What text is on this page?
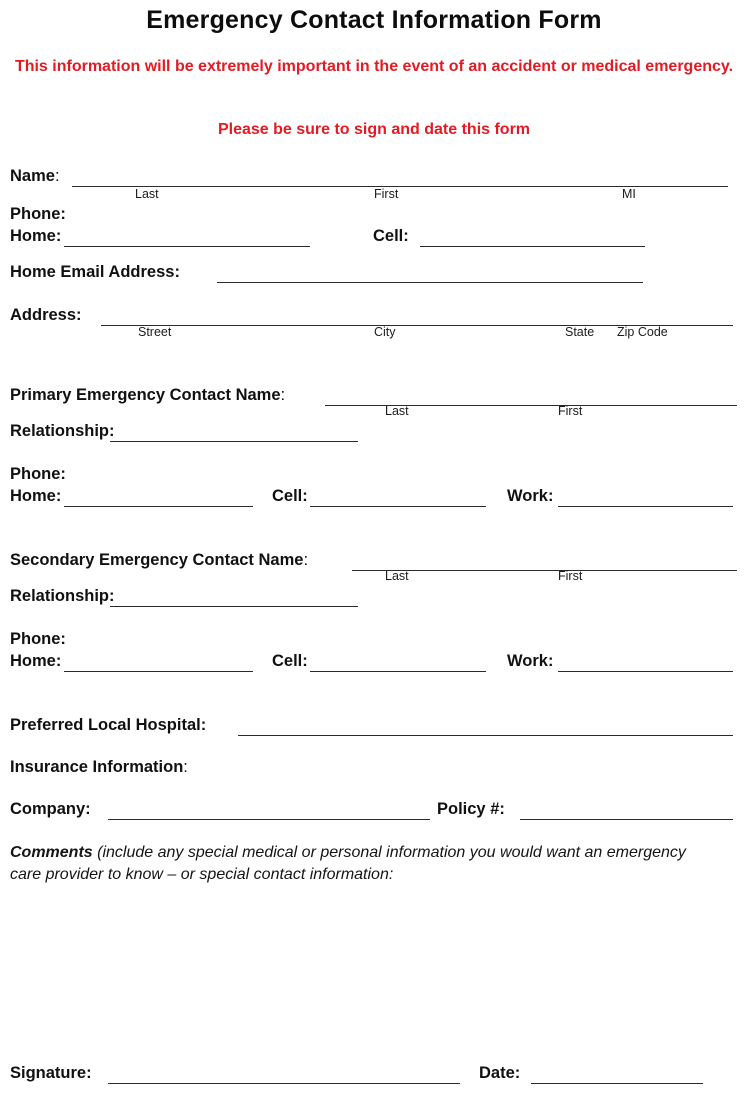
Emergency Contact Information Form
This information will be extremely important in the event of an accident or medical emergency.
Please be sure to sign and date this form
Name:
Last	First	MI
Phone:
Home:	Cell:
Home Email Address:
Address:
Street	City	State Zip Code
Primary Emergency Contact Name:
Last	First
Relationship:
Phone:
Home:	Cell:	Work:
Secondary Emergency Contact Name:
Last	First
Relationship:
Phone:
Home:	Cell:	Work:
Preferred Local Hospital:
Insurance Information:
Company:	Policy #:
Comments (include any special medical or personal information you would want an emergency care provider to know – or special contact information:
Signature:	Date:
